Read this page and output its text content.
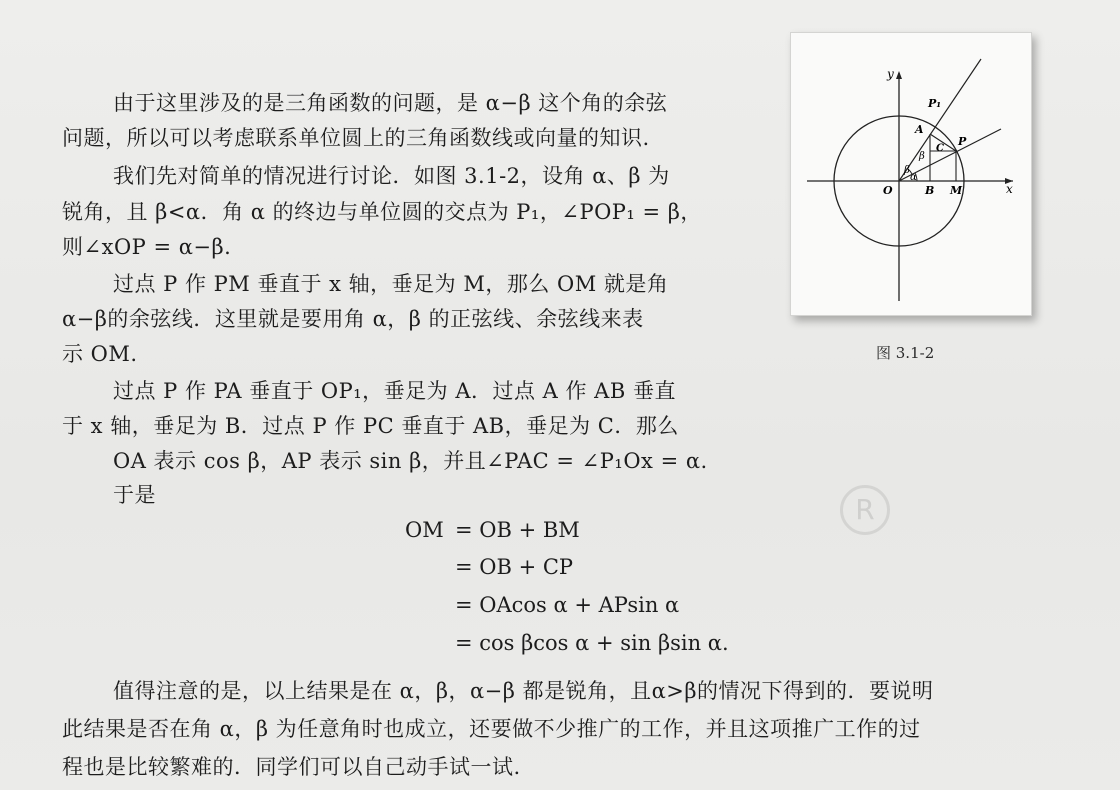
由于这里涉及的是三角函数的问题，是 α−β 这个角的余弦
问题，所以可以考虑联系单位圆上的三角函数线或向量的知识.
我们先对简单的情况进行讨论．如图 3.1-2，设角 α、β 为
锐角，且 β<α．角 α 的终边与单位圆的交点为 P₁，∠POP₁ = β，
则∠xOP = α−β.
过点 P 作 PM 垂直于 x 轴，垂足为 M，那么 OM 就是角
α−β的余弦线．这里就是要用角 α，β 的正弦线、余弦线来表
示 OM.
过点 P 作 PA 垂直于 OP₁，垂足为 A．过点 A 作 AB 垂直
于 x 轴，垂足为 B．过点 P 作 PC 垂直于 AB，垂足为 C．那么
OA 表示 cos β，AP 表示 sin β，并且∠PAC = ∠P₁Ox = α.
于是
OM = OB + BM
= OB + CP
= OAcos α + APsin α
= cos βcos α + sin βsin α.
值得注意的是，以上结果是在 α，β，α−β 都是锐角，且α>β的情况下得到的．要说明
此结果是否在角 α，β 为任意角时也成立，还要做不少推广的工作，并且这项推广工作的过
程也是比较繁难的．同学们可以自己动手试一试.
R
y
x
O	B M
P₁
A
P
C
β
β
α
图 3.1-2
